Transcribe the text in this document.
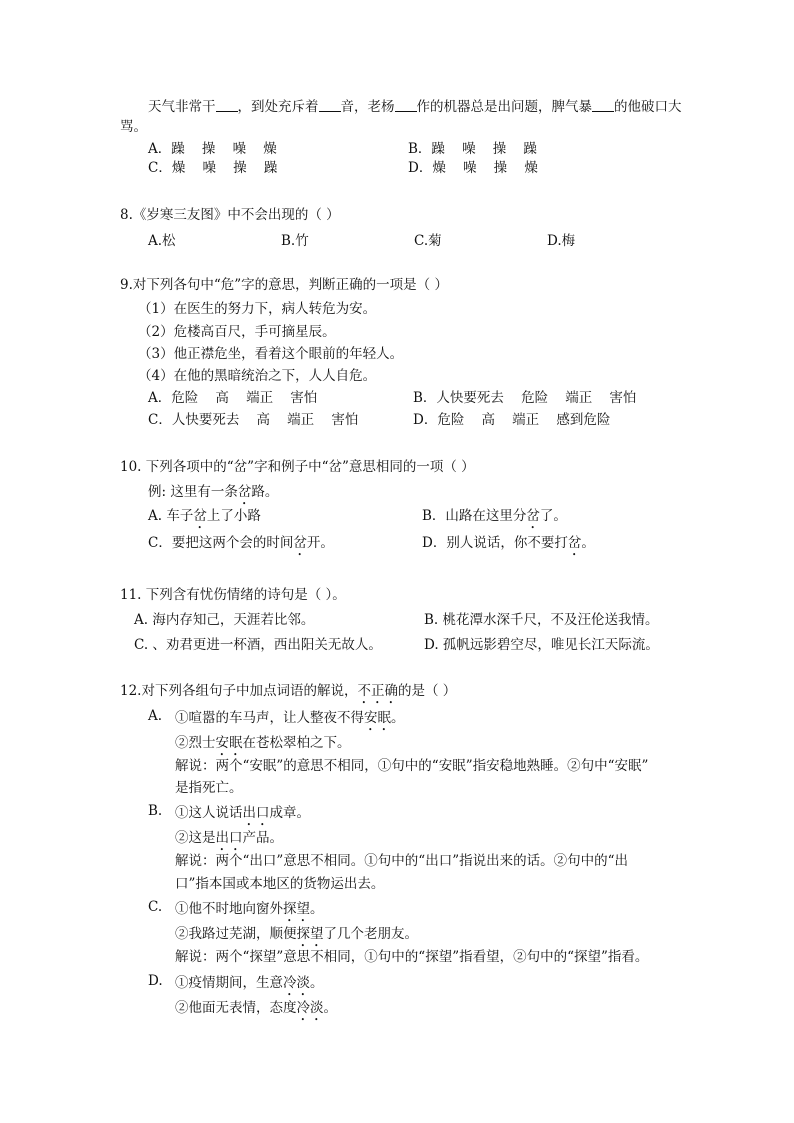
天气非常干 ，到处充斥着 音，老杨 作的机器总是出问题，脾气暴 的他破口大
骂。
A．躁    操    噪    燥	B．躁    噪    操    躁
C．燥    噪    操    躁	D．燥    噪    操    燥
8.《岁寒三友图》中不会出现的（ ）
A.松	B.竹	C.菊	D.梅
9.对下列各句中“危”字的意思，判断正确的一项是（ ）
（1）在医生的努力下，病人转危为安。
（2）危楼高百尺，手可摘星辰。
（3）他正襟危坐，看着这个眼前的年轻人。
（4）在他的黑暗统治之下，人人自危。
A．危险    高    端正    害怕	B．人快要死去    危险    端正    害怕
C．人快要死去    高    端正    害怕	D．危险    高    端正    感到危险
10. 下列各项中的“岔”字和例子中“岔”意思相同的一项（ ）
例: 这里有一条岔路。
A. 车子岔上了小路	B．山路在这里分岔了。
C．要把这两个会的时间岔开。	D．别人说话，你不要打岔。
11. 下列含有忧伤情绪的诗句是（ ）。
A. 海内存知己，天涯若比邻。	B. 桃花潭水深千尺，不及汪伦送我情。
C. 、劝君更进一杯酒，西出阳关无故人。	D. 孤帆远影碧空尽，唯见长江天际流。
12.对下列各组句子中加点词语的解说，不正确的是（ ）
A. ①喧嚣的车马声，让人整夜不得安眠。
②烈士安眠在苍松翠柏之下。
解说：两个“安眠”的意思不相同，①句中的“安眠”指安稳地熟睡。②句中“安眠”
是指死亡。
B. ①这人说话出口成章。
②这是出口产品。
解说：两个“出口”意思不相同。①句中的“出口”指说出来的话。②句中的“出
口”指本国或本地区的货物运出去。
C. ①他不时地向窗外探望。
②我路过芜湖，顺便探望了几个老朋友。
解说：两个“探望”意思不相同，①句中的“探望”指看望，②句中的“探望”指看。
D. ①疫情期间，生意冷淡。
②他面无表情，态度冷淡。
